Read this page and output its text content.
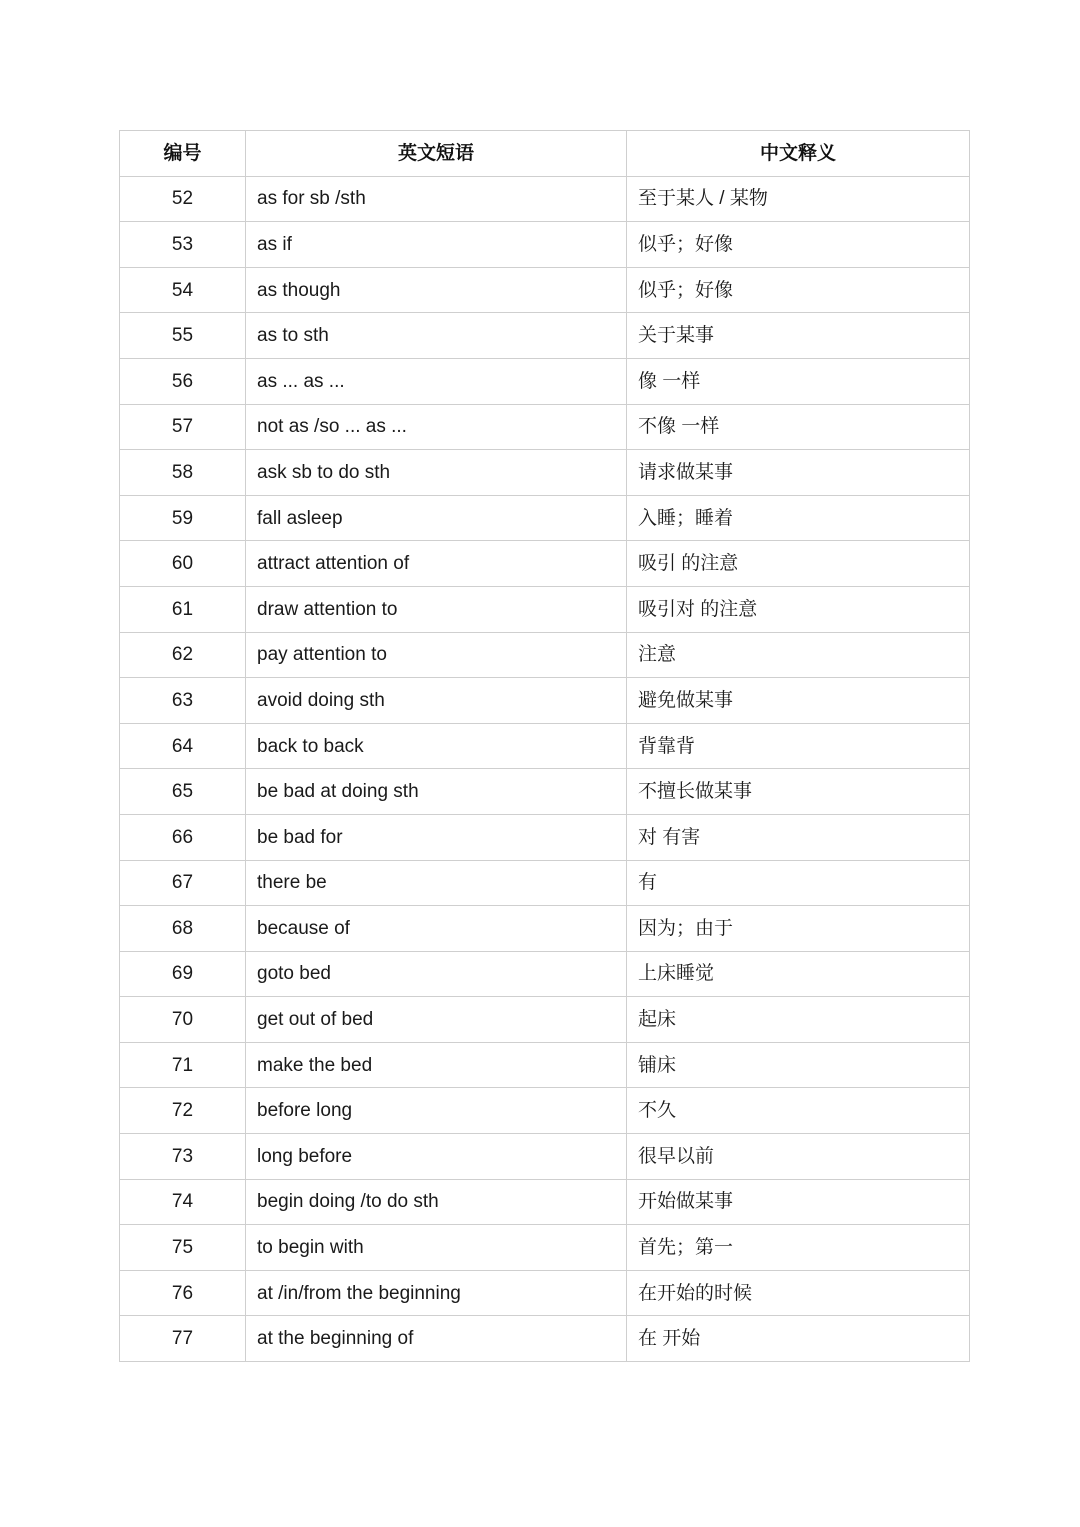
编号	英文短语	中文释义
52	as for sb /sth	至于某人 / 某物
53	as if	似乎；好像
54	as though	似乎；好像
55	as to sth	关于某事
56	as ... as ...	像 一样
57	not as /so ... as ...	不像 一样
58	ask sb to do sth	请求做某事
59	fall asleep	入睡；睡着
60	attract attention of	吸引 的注意
61	draw attention to	吸引对 的注意
62	pay attention to	注意
63	avoid doing sth	避免做某事
64	back to back	背靠背
65	be bad at doing sth	不擅长做某事
66	be bad for	对 有害
67	there be	有
68	because of	因为；由于
69	goto bed	上床睡觉
70	get out of bed	起床
71	make the bed	铺床
72	before long	不久
73	long before	很早以前
74	begin doing /to do sth	开始做某事
75	to begin with	首先；第一
76	at /in/from the beginning	在开始的时候
77	at the beginning of	在 开始
